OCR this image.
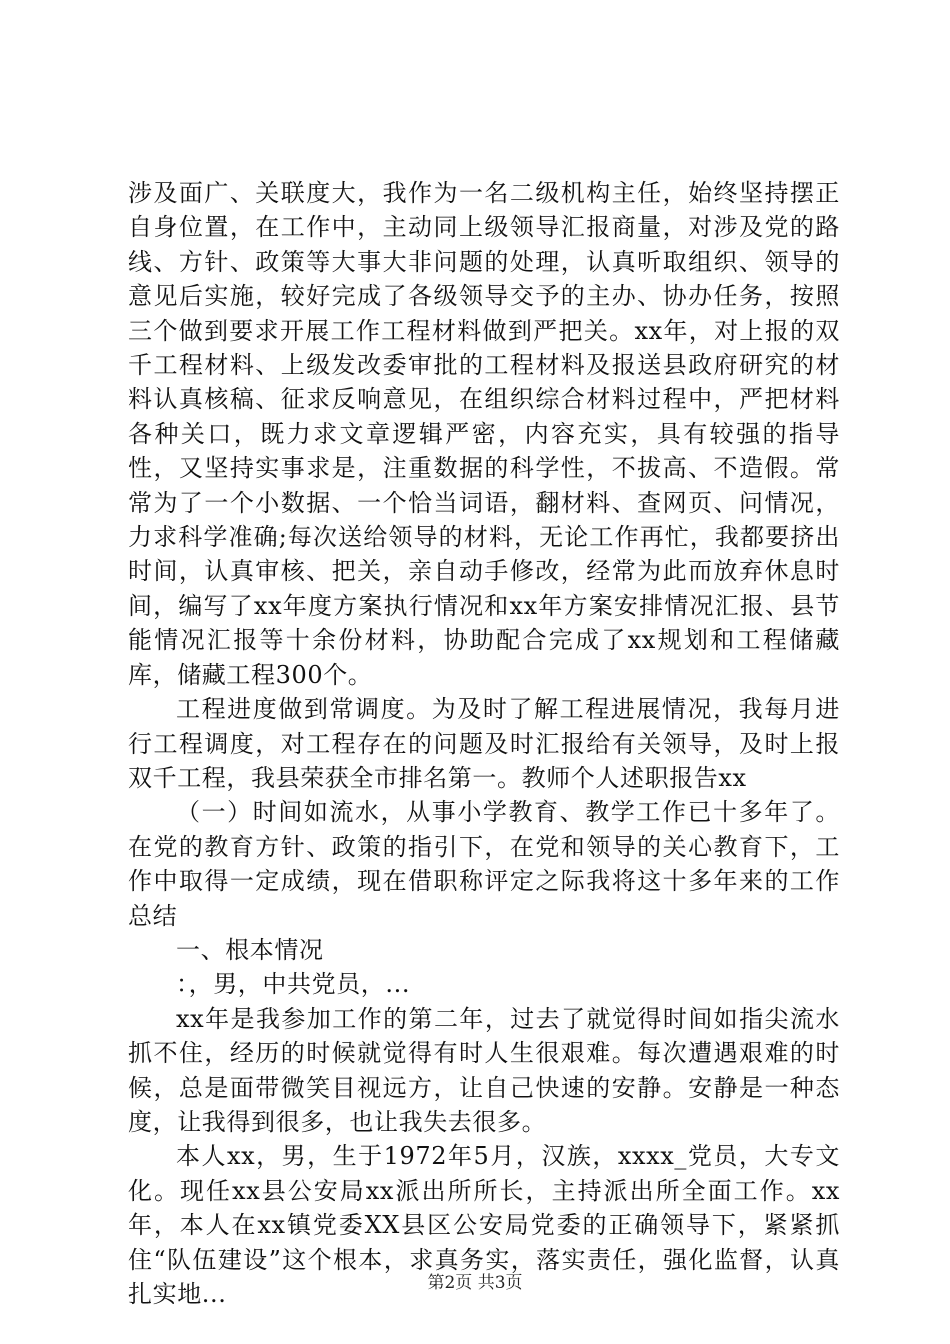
涉及面广、关联度大，我作为一名二级机构主任，始终坚持摆正自身位置，在工作中，主动同上级领导汇报商量，对涉及党的路线、方针、政策等大事大非问题的处理，认真听取组织、领导的意见后实施，较好完成了各级领导交予的主办、协办任务，按照三个做到要求开展工作工程材料做到严把关。xx年，对上报的双千工程材料、上级发改委审批的工程材料及报送县政府研究的材料认真核稿、征求反响意见，在组织综合材料过程中，严把材料各种关口，既力求文章逻辑严密，内容充实，具有较强的指导性，又坚持实事求是，注重数据的科学性，不拔高、不造假。常常为了一个小数据、一个恰当词语，翻材料、查网页、问情况，力求科学准确;每次送给领导的材料，无论工作再忙，我都要挤出时间，认真审核、把关，亲自动手修改，经常为此而放弃休息时间，编写了xx年度方案执行情况和xx年方案安排情况汇报、县节能情况汇报等十余份材料，协助配合完成了xx规划和工程储藏库，储藏工程300个。

工程进度做到常调度。为及时了解工程进展情况，我每月进行工程调度，对工程存在的问题及时汇报给有关领导，及时上报双千工程，我县荣获全市排名第一。教师个人述职报告xx

（一）时间如流水，从事小学教育、教学工作已十多年了。在党的教育方针、政策的指引下，在党和领导的关心教育下，工作中取得一定成绩，现在借职称评定之际我将这十多年来的工作总结

一、根本情况

：，男，中共党员，...

xx年是我参加工作的第二年，过去了就觉得时间如指尖流水抓不住，经历的时候就觉得有时人生很艰难。每次遭遇艰难的时候，总是面带微笑目视远方，让自己快速的安静。安静是一种态度，让我得到很多，也让我失去很多。

本人xx，男，生于1972年5月，汉族，xxxx_党员，大专文化。现任xx县公安局xx派出所所长，主持派出所全面工作。xx年，本人在xx镇党委XX县区公安局党委的正确领导下，紧紧抓住“队伍建设”这个根本，求真务实，落实责任，强化监督，认真扎实地...	第2页 共3页
